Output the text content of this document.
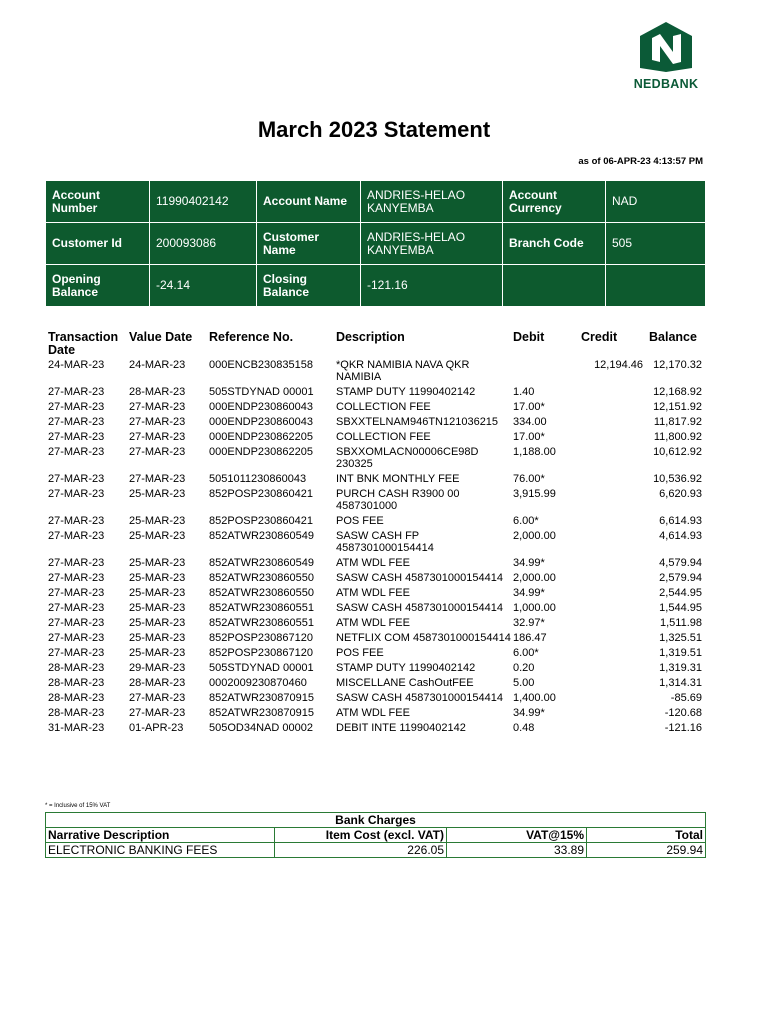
NEDBANK
March 2023 Statement
as of 06-APR-23 4:13:57 PM
Account Number	11990402142	Account Name	ANDRIES-HELAO KANYEMBA	Account Currency	NAD
Customer Id	200093086	Customer Name	ANDRIES-HELAO KANYEMBA	Branch Code	505
Opening Balance	-24.14	Closing Balance	-121.16		
Transaction Date	Value Date	Reference No.	Description	Debit	Credit	Balance
24-MAR-23	24-MAR-23	000ENCB230835158	*QKR NAMIBIA NAVA QKR NAMIBIA		12,194.46	12,170.32
27-MAR-23	28-MAR-23	505STDYNAD 00001	STAMP DUTY 11990402142	1.40		12,168.92
27-MAR-23	27-MAR-23	000ENDP230860043	COLLECTION FEE	17.00*		12,151.92
27-MAR-23	27-MAR-23	000ENDP230860043	SBXXTELNAM946TN121036215	334.00		11,817.92
27-MAR-23	27-MAR-23	000ENDP230862205	COLLECTION FEE	17.00*		11,800.92
27-MAR-23	27-MAR-23	000ENDP230862205	SBXXOMLACN00006CE98D 230325	1,188.00		10,612.92
27-MAR-23	27-MAR-23	5051011230860043	INT BNK MONTHLY FEE	76.00*		10,536.92
27-MAR-23	25-MAR-23	852POSP230860421	PURCH CASH R3900 00 4587301000	3,915.99		6,620.93
27-MAR-23	25-MAR-23	852POSP230860421	POS FEE	6.00*		6,614.93
27-MAR-23	25-MAR-23	852ATWR230860549	SASW CASH FP 4587301000154414	2,000.00		4,614.93
27-MAR-23	25-MAR-23	852ATWR230860549	ATM WDL FEE	34.99*		4,579.94
27-MAR-23	25-MAR-23	852ATWR230860550	SASW CASH 4587301000154414	2,000.00		2,579.94
27-MAR-23	25-MAR-23	852ATWR230860550	ATM WDL FEE	34.99*		2,544.95
27-MAR-23	25-MAR-23	852ATWR230860551	SASW CASH 4587301000154414	1,000.00		1,544.95
27-MAR-23	25-MAR-23	852ATWR230860551	ATM WDL FEE	32.97*		1,511.98
27-MAR-23	25-MAR-23	852POSP230867120	NETFLIX COM 4587301000154414	186.47		1,325.51
27-MAR-23	25-MAR-23	852POSP230867120	POS FEE	6.00*		1,319.51
28-MAR-23	29-MAR-23	505STDYNAD 00001	STAMP DUTY 11990402142	0.20		1,319.31
28-MAR-23	28-MAR-23	0002009230870460	MISCELLANE CashOutFEE	5.00		1,314.31
28-MAR-23	27-MAR-23	852ATWR230870915	SASW CASH 4587301000154414	1,400.00		-85.69
28-MAR-23	27-MAR-23	852ATWR230870915	ATM WDL FEE	34.99*		-120.68
31-MAR-23	01-APR-23	505OD34NAD 00002	DEBIT INTE 11990402142	0.48		-121.16
* = Inclusive of 15% VAT
Bank Charges			
Narrative Description	Item Cost (excl. VAT)	VAT@15%	Total
ELECTRONIC BANKING FEES	226.05	33.89	259.94
